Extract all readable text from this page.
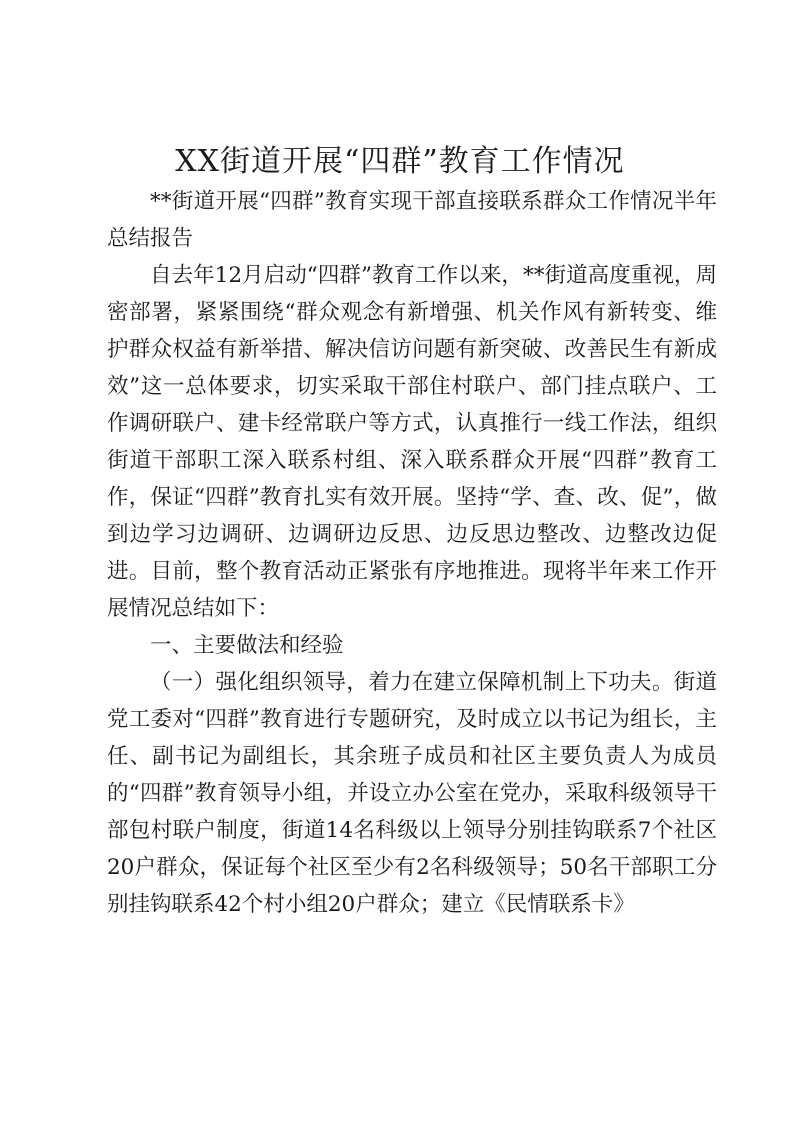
XX街道开展“四群”教育工作情况

**街道开展“四群”教育实现干部直接联系群众工作情况半年总结报告

自去年12月启动“四群”教育工作以来，**街道高度重视，周密部署，紧紧围绕“群众观念有新增强、机关作风有新转变、维护群众权益有新举措、解决信访问题有新突破、改善民生有新成效”这一总体要求，切实采取干部住村联户、部门挂点联户、工作调研联户、建卡经常联户等方式，认真推行一线工作法，组织街道干部职工深入联系村组、深入联系群众开展“四群”教育工作，保证“四群”教育扎实有效开展。坚持“学、查、改、促”，做到边学习边调研、边调研边反思、边反思边整改、边整改边促进。目前，整个教育活动正紧张有序地推进。现将半年来工作开展情况总结如下：

一、主要做法和经验

（一）强化组织领导，着力在建立保障机制上下功夫。街道党工委对“四群”教育进行专题研究，及时成立以书记为组长，主任、副书记为副组长，其余班子成员和社区主要负责人为成员的“四群”教育领导小组，并设立办公室在党办，采取科级领导干部包村联户制度，街道14名科级以上领导分别挂钩联系7个社区20户群众，保证每个社区至少有2名科级领导；50名干部职工分别挂钩联系42个村小组20户群众；建立《民情联系卡》
